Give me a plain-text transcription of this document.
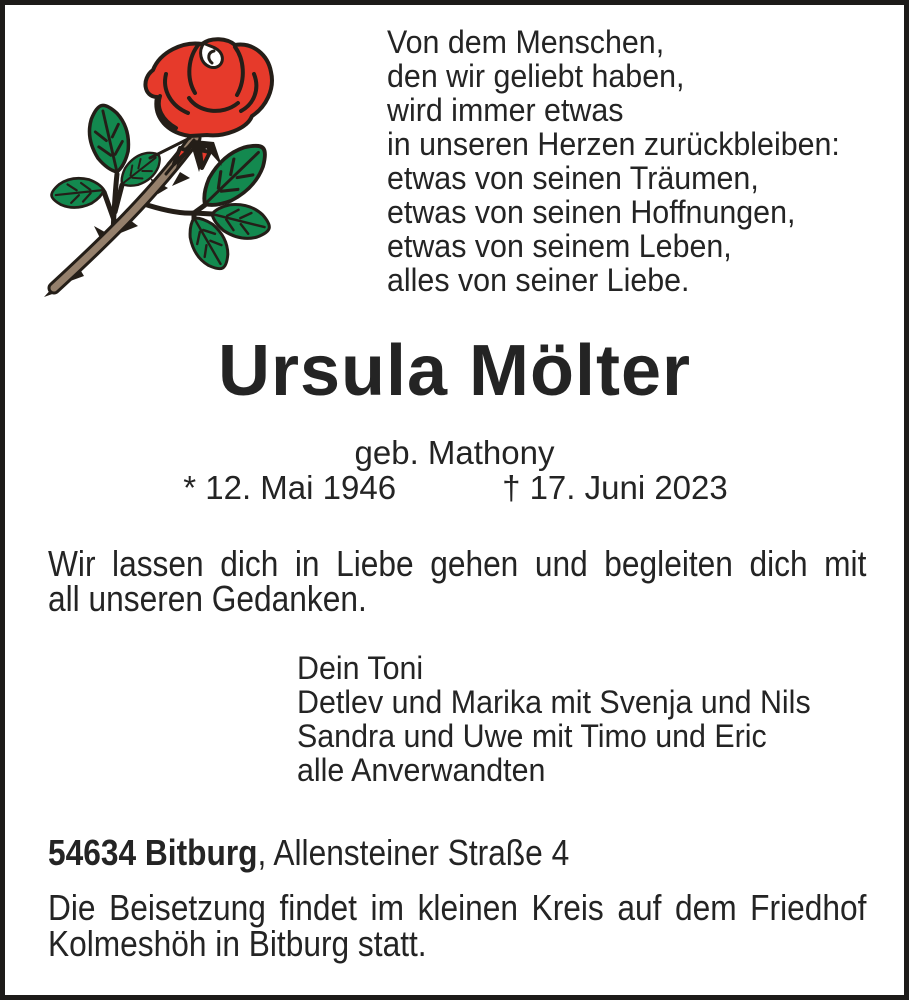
Von dem Menschen,
den wir geliebt haben,
wird immer etwas
in unseren Herzen zurückbleiben:
etwas von seinen Träumen,
etwas von seinen Hoffnungen,
etwas von seinem Leben,
alles von seiner Liebe.
Ursula Mölter
geb. Mathony
* 12. Mai 1946	† 17. Juni 2023
Wir lassen dich in Liebe gehen und begleiten dich mit
all unseren Gedanken.
Dein Toni
Detlev und Marika mit Svenja und Nils
Sandra und Uwe mit Timo und Eric
alle Anverwandten
54634 Bitburg, Allensteiner Straße 4
Die Beisetzung findet im kleinen Kreis auf dem Friedhof
Kolmeshöh in Bitburg statt.
